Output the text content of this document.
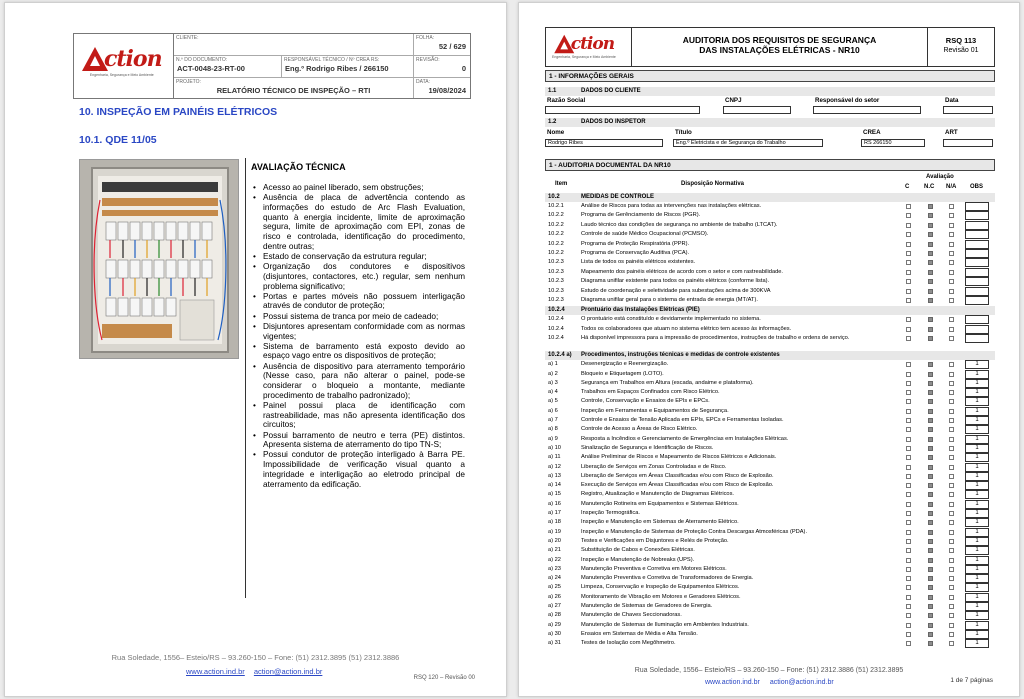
ction
Engenharia, Segurança e Meio Ambiente
CLIENTE:	FOLHA:
52 / 629
N.º DO DOCUMENTO:
ACT-0048-23-RT-00
RESPONSÁVEL TÉCNICO / Nº CREA RS:
Eng.º Rodrigo Ribes / 266150
REVISÃO:
0
PROJETO:
RELATÓRIO TÉCNICO DE INSPEÇÃO – RTI
DATA:
19/08/2024
10. INSPEÇÃO EM PAINÉIS ELÉTRICOS
10.1. QDE 11/05
AVALIAÇÃO TÉCNICA
• Acesso ao painel liberado, sem obstruções;
• Ausência de placa de advertência contendo as informações do estudo de Arc Flash Evaluation, quanto à energia incidente, limite de aproximação segura, limite de aproximação com EPI, zonas de risco e controlada, identificação do procedimento, dentre outras;
• Estado de conservação da estrutura regular;
• Organização dos condutores e dispositivos (disjuntores, contactores, etc.) regular, sem nenhum problema significativo;
• Portas e partes móveis não possuem interligação através de condutor de proteção;
• Possui sistema de tranca por meio de cadeado;
• Disjuntores apresentam conformidade com as normas vigentes;
• Sistema de barramento está exposto devido ao espaço vago entre os dispositivos de proteção;
• Ausência de dispositivo para aterramento temporário (Nesse caso, para não alterar o painel, pode-se considerar o bloqueio a montante, mediante procedimento de trabalho padronizado);
• Painel possui placa de identificação com rastreabilidade, mas não apresenta identificação dos circuitos;
• Possui barramento de neutro e terra (PE) distintos. Apresenta sistema de aterramento do tipo TN-S;
• Possui condutor de proteção interligado à Barra PE. Impossibilidade de verificação visual quanto a integridade e interligação ao eletrodo principal de aterramento da edificação.
Rua Soledade, 1556– Esteio/RS – 93.260-150 – Fone: (51) 2312.3895 (51) 2312.3886
www.action.ind.br action@action.ind.br
RSQ 120 – Revisão 00
ction
Engenharia, Segurança e Meio Ambiente
AUDITORIA DOS REQUISITOS DE SEGURANÇA
DAS INSTALAÇÕES ELÉTRICAS - NR10
RSQ 113
Revisão 01
1 - INFORMAÇÕES GERAIS
1.1	DADOS DO CLIENTE
Razão Social	CNPJ	Responsável do setor	Data
1.2	DADOS DO INSPETOR
Nome	Título	CREA	ART
Rodrigo Ribes	Eng.º Eletricista e de Segurança do Trabalho	RS 266150
1 - AUDITORIA DOCUMENTAL DA NR10
Item	Disposição Normativa
Avaliação
C N.C N/A OBS
10.2	MEDIDAS DE CONTROLE
10.2.1	Análise de Riscos para todas as intervenções nas instalações elétricas.
10.2.2	Programa de Gerênciamento de Riscos (PGR).
10.2.2	Laudo técnico das condições de segurança no ambiente de trabalho (LTCAT).
10.2.2	Controle de saúde Médico Ocupacional (PCMSO).
10.2.2	Programa de Proteção Respiratória (PPR).
10.2.2	Programa de Conservação Auditiva (PCA).
10.2.3	Lista de todos os painéis elétricos existentes.
10.2.3	Mapeamento dos painéis elétricos de acordo com o setor e com rastreabilidade.
10.2.3	Diagrama unifilar existente para todos os painéis elétricos (conforme lista).
10.2.3	Estudo de coordenação e seletividade para subestações acima de 300KVA
10.2.3	Diagrama unifilar geral para o sistema de entrada de energia (MT/AT).
10.2.4	Prontuário das Instalações Elétricas (PIE)
10.2.4	O prontuário está constituído e devidamente implementado no sistema.
10.2.4	Todos os colaboradores que atuam no sistema elétrico tem acesso às informações.
10.2.4	Há disponível impressora para a impressão de procedimentos, instruções de trabalho e ordens de serviço.
10.2.4 a) Procedimentos, instruções técnicas e medidas de controle existentes
a) 1	Desenergização e Reenergização.	1
a) 2	Bloqueio e Etiquetagem (LOTO).	1
a) 3	Segurança em Trabalhos em Altura (escada, andaime e plataforma).	1
a) 4	Trabalhos em Espaços Confinados com Risco Elétrico.	1
a) 5	Controle, Conservação e Ensaios de EPIs e EPCs.	1
a) 6	Inspeção em Ferramentas e Equipamentos de Segurança.	1
a) 7	Controle e Ensaios de Tensão Aplicada em EPIs, EPCs e Ferramentas Isoladas.	1
a) 8	Controle de Acesso a Áreas de Risco Elétrico.	1
a) 9	Resposta a Incêndios e Gerenciamento de Emergências em Instalações Elétricas.	1
a) 10	Sinalização de Segurança e Identificação de Riscos.	1
a) 11	Análise Preliminar de Riscos e Mapeamento de Riscos Elétricos e Adicionais.	1
a) 12	Liberação de Serviços em Zonas Controladas e de Risco.	1
a) 13	Liberação de Serviços em Áreas Classificadas e/ou com Risco de Explosão.	1
a) 14	Execução de Serviços em Áreas Classificadas e/ou com Risco de Explosão.	1
a) 15	Registro, Atualização e Manutenção de Diagramas Elétricos.	1
a) 16	Manutenção Rotineira em Equipamentos e Sistemas Elétricos.	1
a) 17	Inspeção Termográfica.	1
a) 18	Inspeção e Manutenção em Sistemas de Aterramento Elétrico.	1
a) 19	Inspeção e Manutenção de Sistemas de Proteção Contra Descargas Atmosféricas (PDA).	1
a) 20	Testes e Verificações em Disjuntores e Relés de Proteção.	1
a) 21	Substituição de Cabos e Conexões Elétricas.	1
a) 22	Inspeção e Manutenção de Nobreaks (UPS).	1
a) 23	Manutenção Preventiva e Corretiva em Motores Elétricos.	1
a) 24	Manutenção Preventiva e Corretiva de Transformadores de Energia.	1
a) 25	Limpeza, Conservação e Inspeção de Equipamentos Elétricos.	1
a) 26	Monitoramento de Vibração em Motores e Geradores Elétricos.	1
a) 27	Manutenção de Sistemas de Geradores de Energia.	1
a) 28	Manutenção de Chaves Seccionadoras.	1
a) 29	Manutenção de Sistemas de Iluminação em Ambientes Industriais.	1
a) 30	Ensaios em Sistemas de Média e Alta Tensão.	1
a) 31	Testes de Isolação com Megôhmetro.	1
Rua Soledade, 1556– Esteio/RS – 93.260-150 – Fone: (51) 2312.3886 (51) 2312.3895
www.action.ind.br action@action.ind.br	1 de 7 páginas
